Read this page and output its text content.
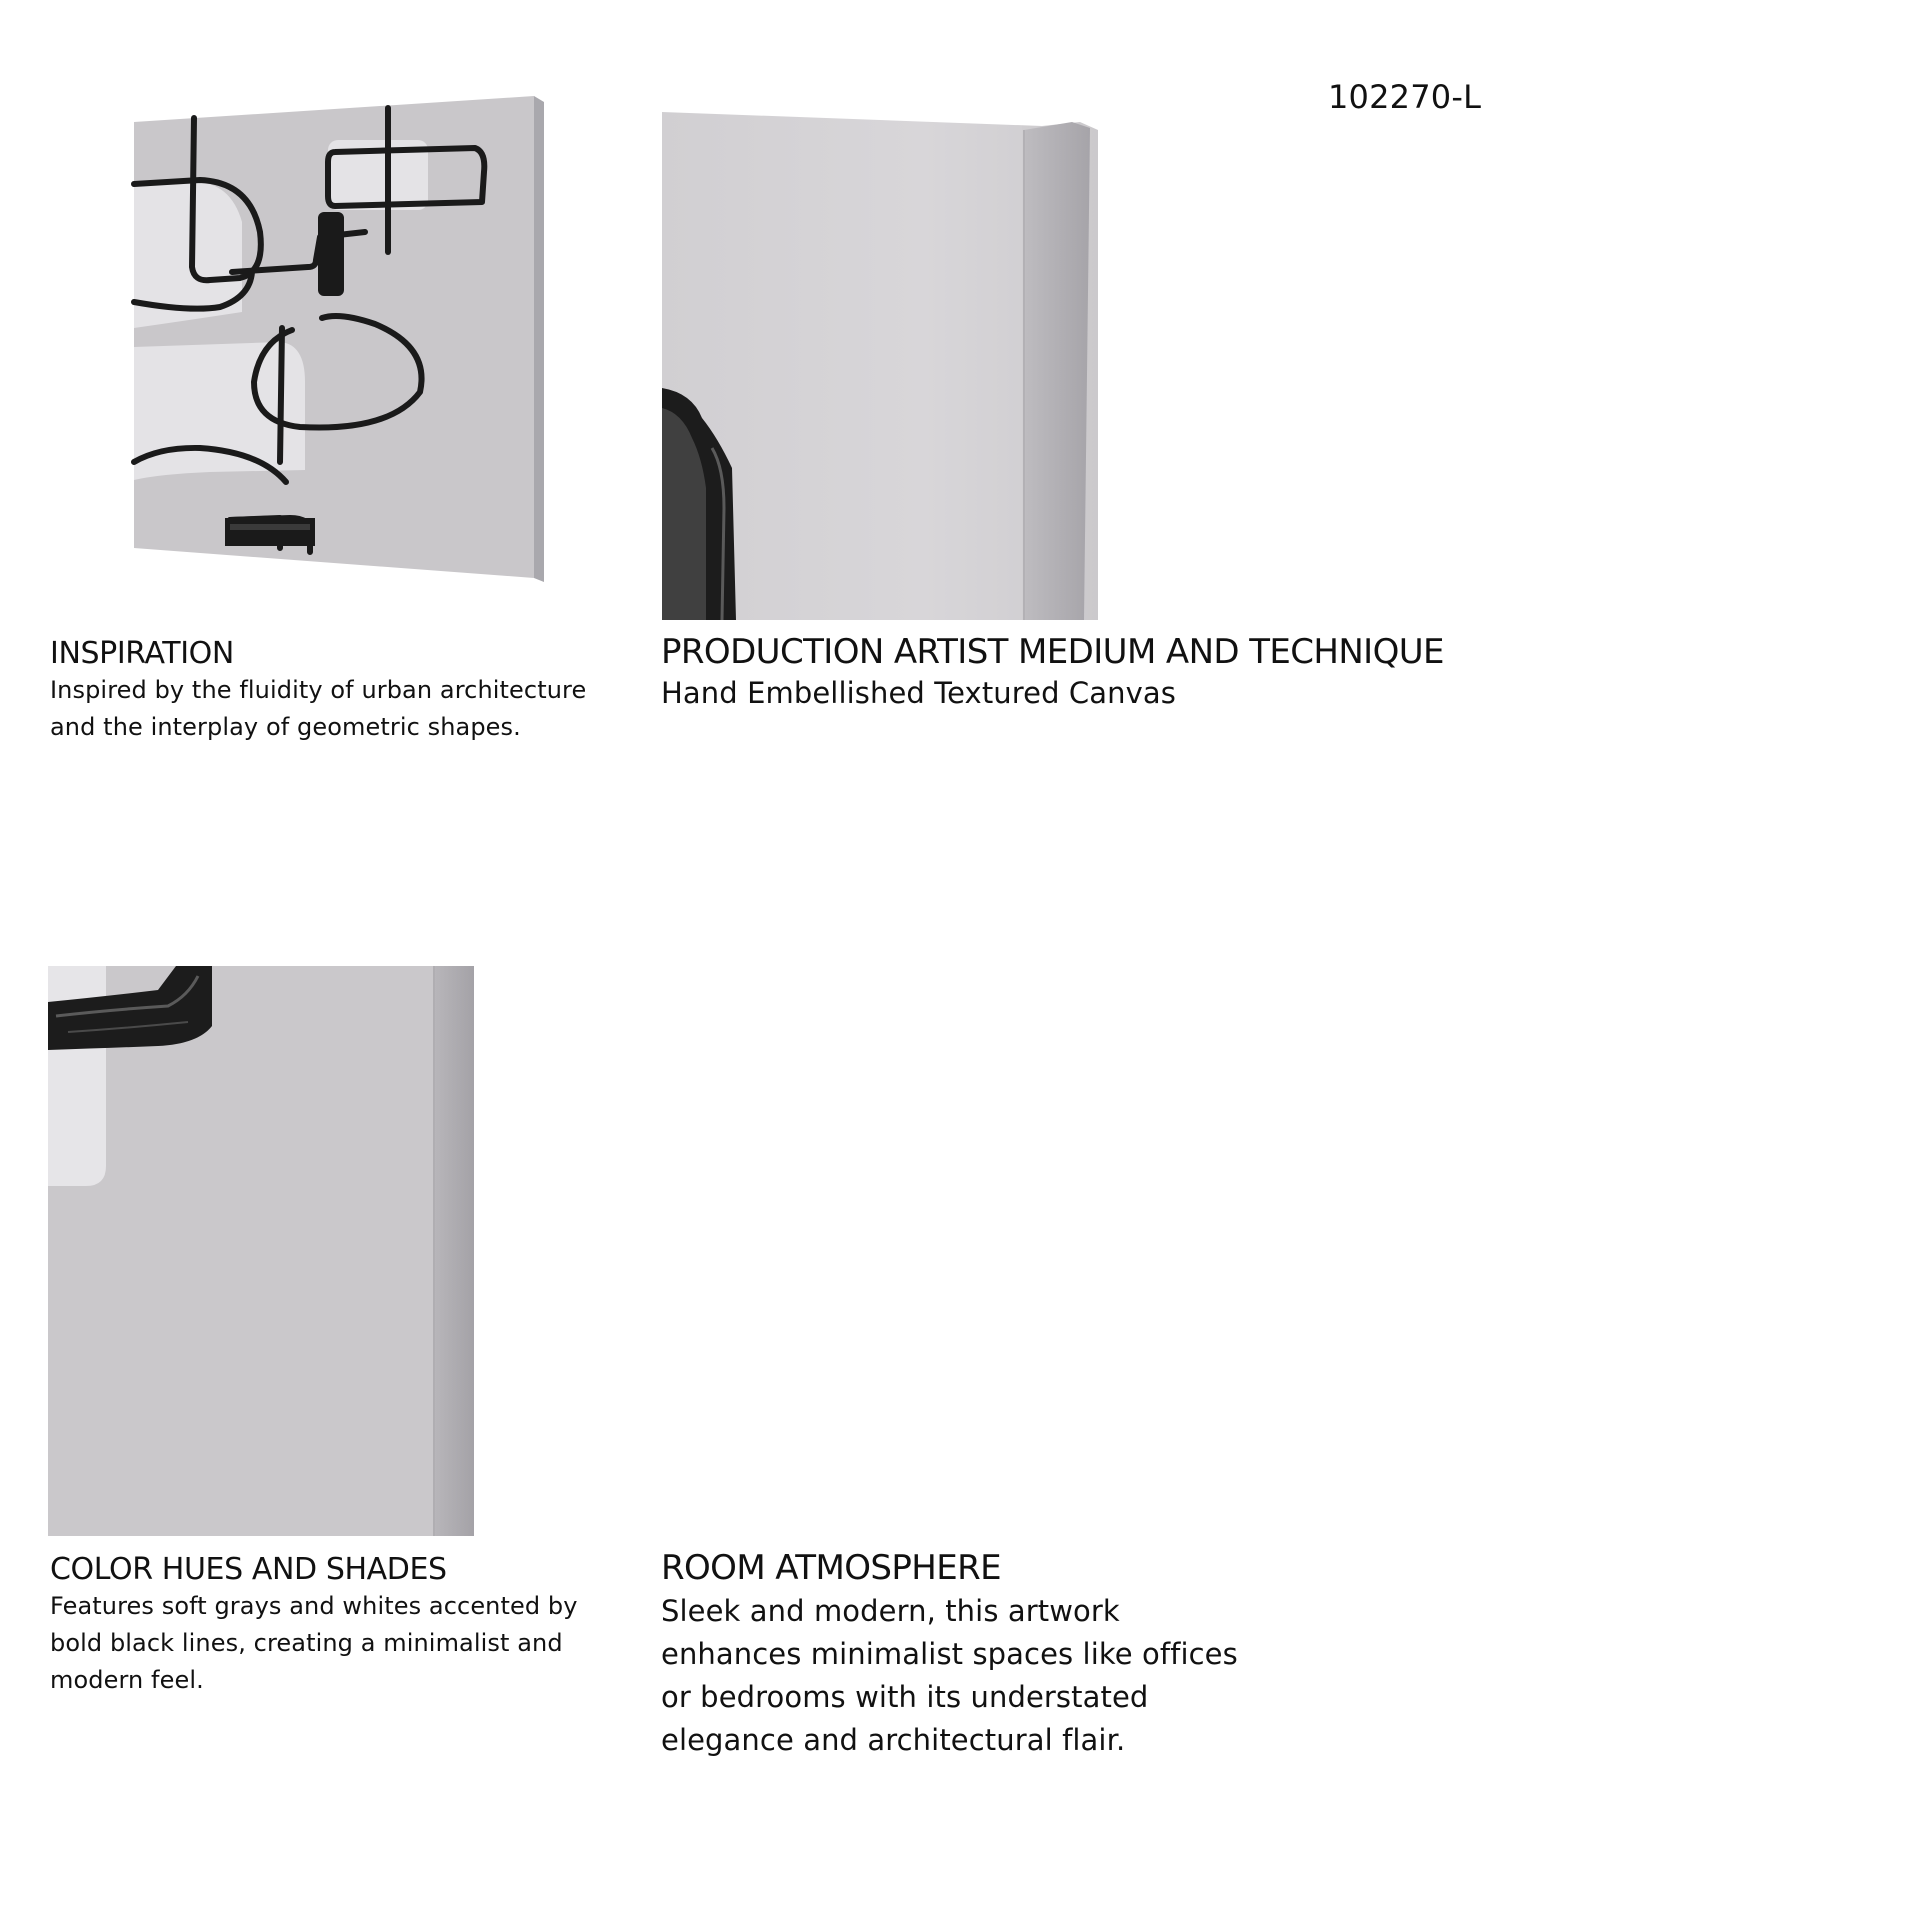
102270-L
INSPIRATION

Inspired by the fluidity of urban architecture
and the interplay of geometric shapes.

PRODUCTION ARTIST MEDIUM AND TECHNIQUE

Hand Embellished Textured Canvas

COLOR HUES AND SHADES

Features soft grays and whites accented by
bold black lines, creating a minimalist and
modern feel.

ROOM ATMOSPHERE

Sleek and modern, this artwork
enhances minimalist spaces like offices
or bedrooms with its understated
elegance and architectural flair.
